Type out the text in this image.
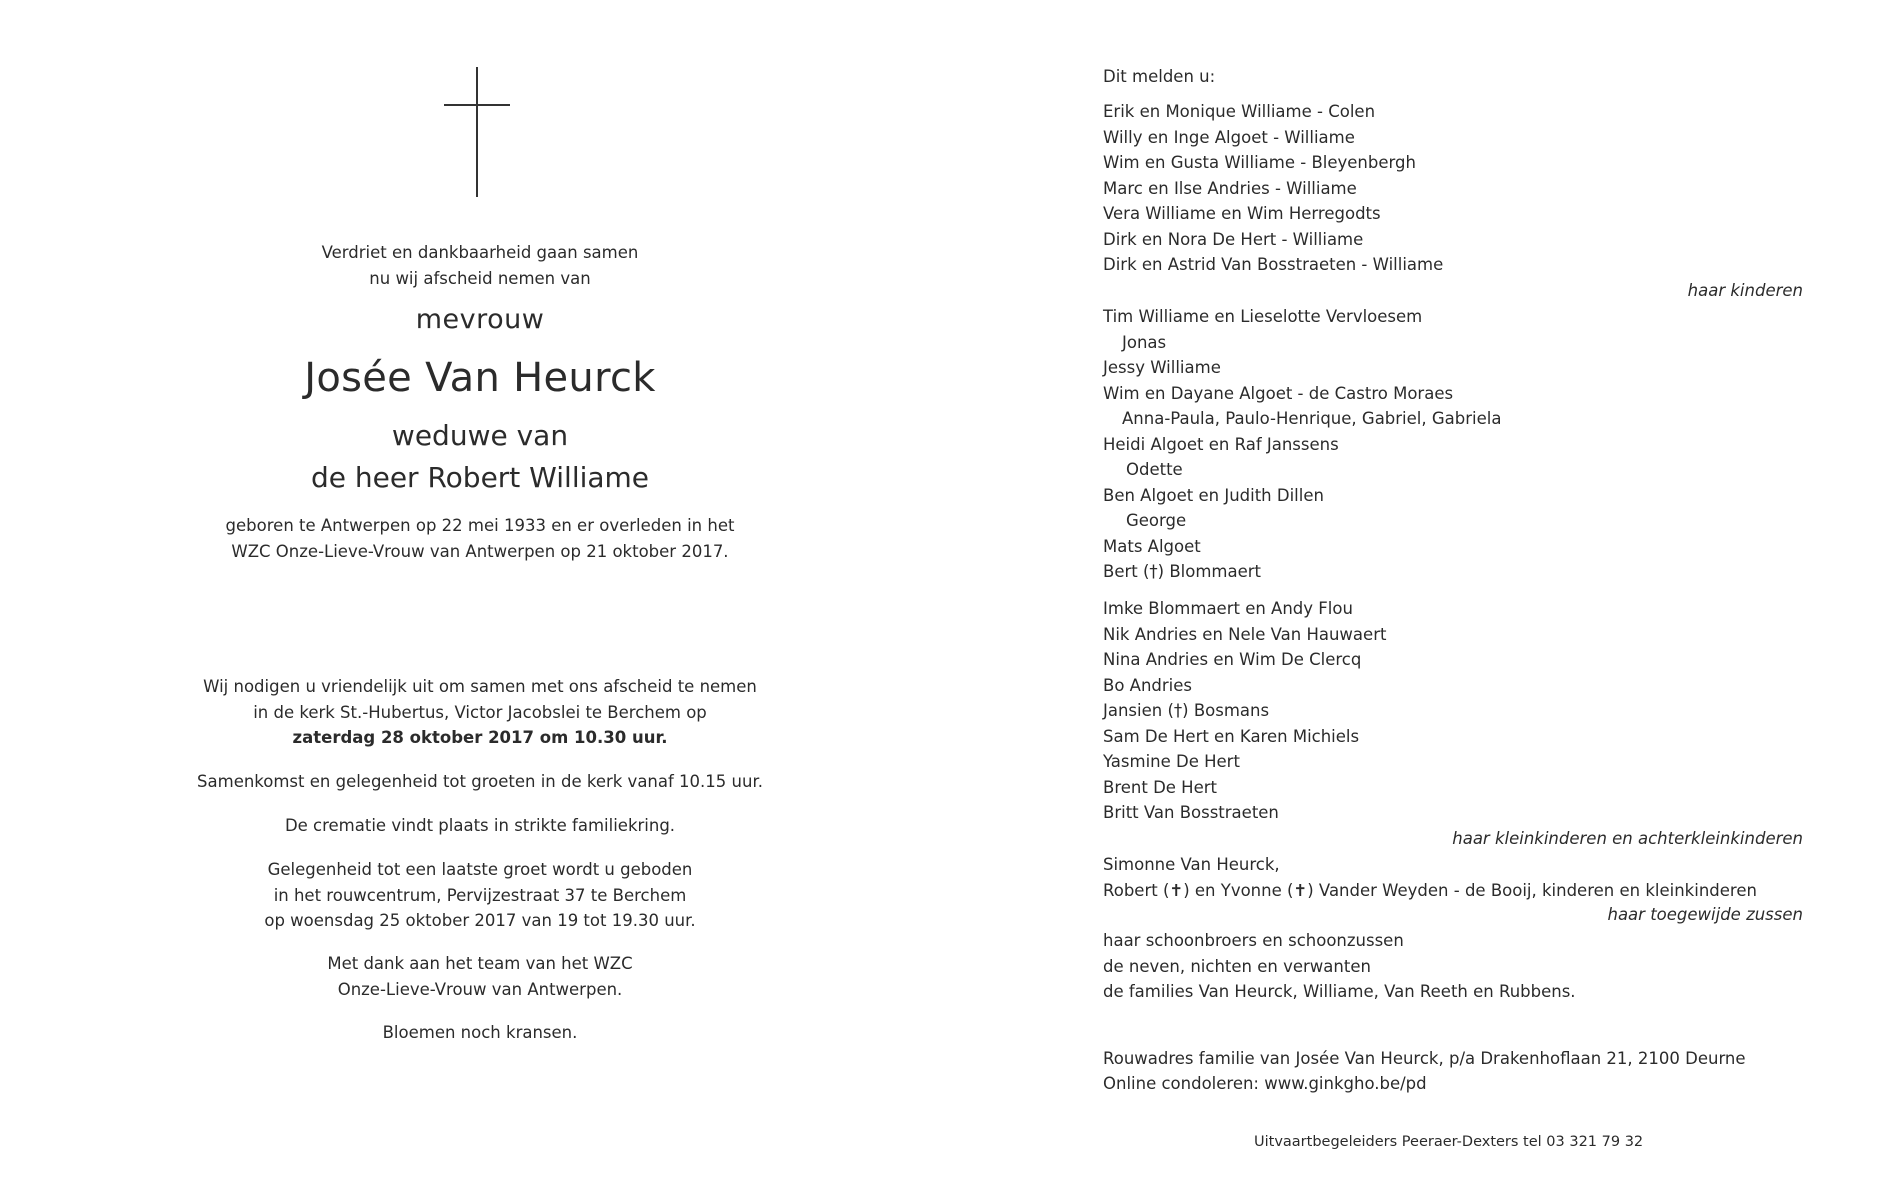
Verdriet en dankbaarheid gaan samen
nu wij afscheid nemen van
mevrouw
Josée Van Heurck
weduwe van
de heer Robert Williame
geboren te Antwerpen op 22 mei 1933 en er overleden in het
WZC Onze-Lieve-Vrouw van Antwerpen op 21 oktober 2017.
Wij nodigen u vriendelijk uit om samen met ons afscheid te nemen
in de kerk St.-Hubertus, Victor Jacobslei te Berchem op
zaterdag 28 oktober 2017 om 10.30 uur.
Samenkomst en gelegenheid tot groeten in de kerk vanaf 10.15 uur.
De crematie vindt plaats in strikte familiekring.
Gelegenheid tot een laatste groet wordt u geboden
in het rouwcentrum, Pervijzestraat 37 te Berchem
op woensdag 25 oktober 2017 van 19 tot 19.30 uur.
Met dank aan het team van het WZC
Onze-Lieve-Vrouw van Antwerpen.
Bloemen noch kransen.
Dit melden u:
Erik en Monique Williame - Colen
Willy en Inge Algoet - Williame
Wim en Gusta Williame - Bleyenbergh
Marc en Ilse Andries - Williame
Vera Williame en Wim Herregodts
Dirk en Nora De Hert - Williame
Dirk en Astrid Van Bosstraeten - Williame
haar kinderen
Tim Williame en Lieselotte Vervloesem
Jonas
Jessy Williame
Wim en Dayane Algoet - de Castro Moraes
Anna-Paula, Paulo-Henrique, Gabriel, Gabriela
Heidi Algoet en Raf Janssens
Odette
Ben Algoet en Judith Dillen
George
Mats Algoet
Bert (†) Blommaert
Imke Blommaert en Andy Flou
Nik Andries en Nele Van Hauwaert
Nina Andries en Wim De Clercq
Bo Andries
Jansien (†) Bosmans
Sam De Hert en Karen Michiels
Yasmine De Hert
Brent De Hert
Britt Van Bosstraeten
haar kleinkinderen en achterkleinkinderen
Simonne Van Heurck,
Robert (✝) en Yvonne (✝) Vander Weyden - de Booij, kinderen en kleinkinderen
haar toegewijde zussen
haar schoonbroers en schoonzussen
de neven, nichten en verwanten
de families Van Heurck, Williame, Van Reeth en Rubbens.
Rouwadres familie van Josée Van Heurck, p/a Drakenhoflaan 21, 2100 Deurne
Online condoleren: www.ginkgho.be/pd
Uitvaartbegeleiders Peeraer-Dexters tel 03 321 79 32
